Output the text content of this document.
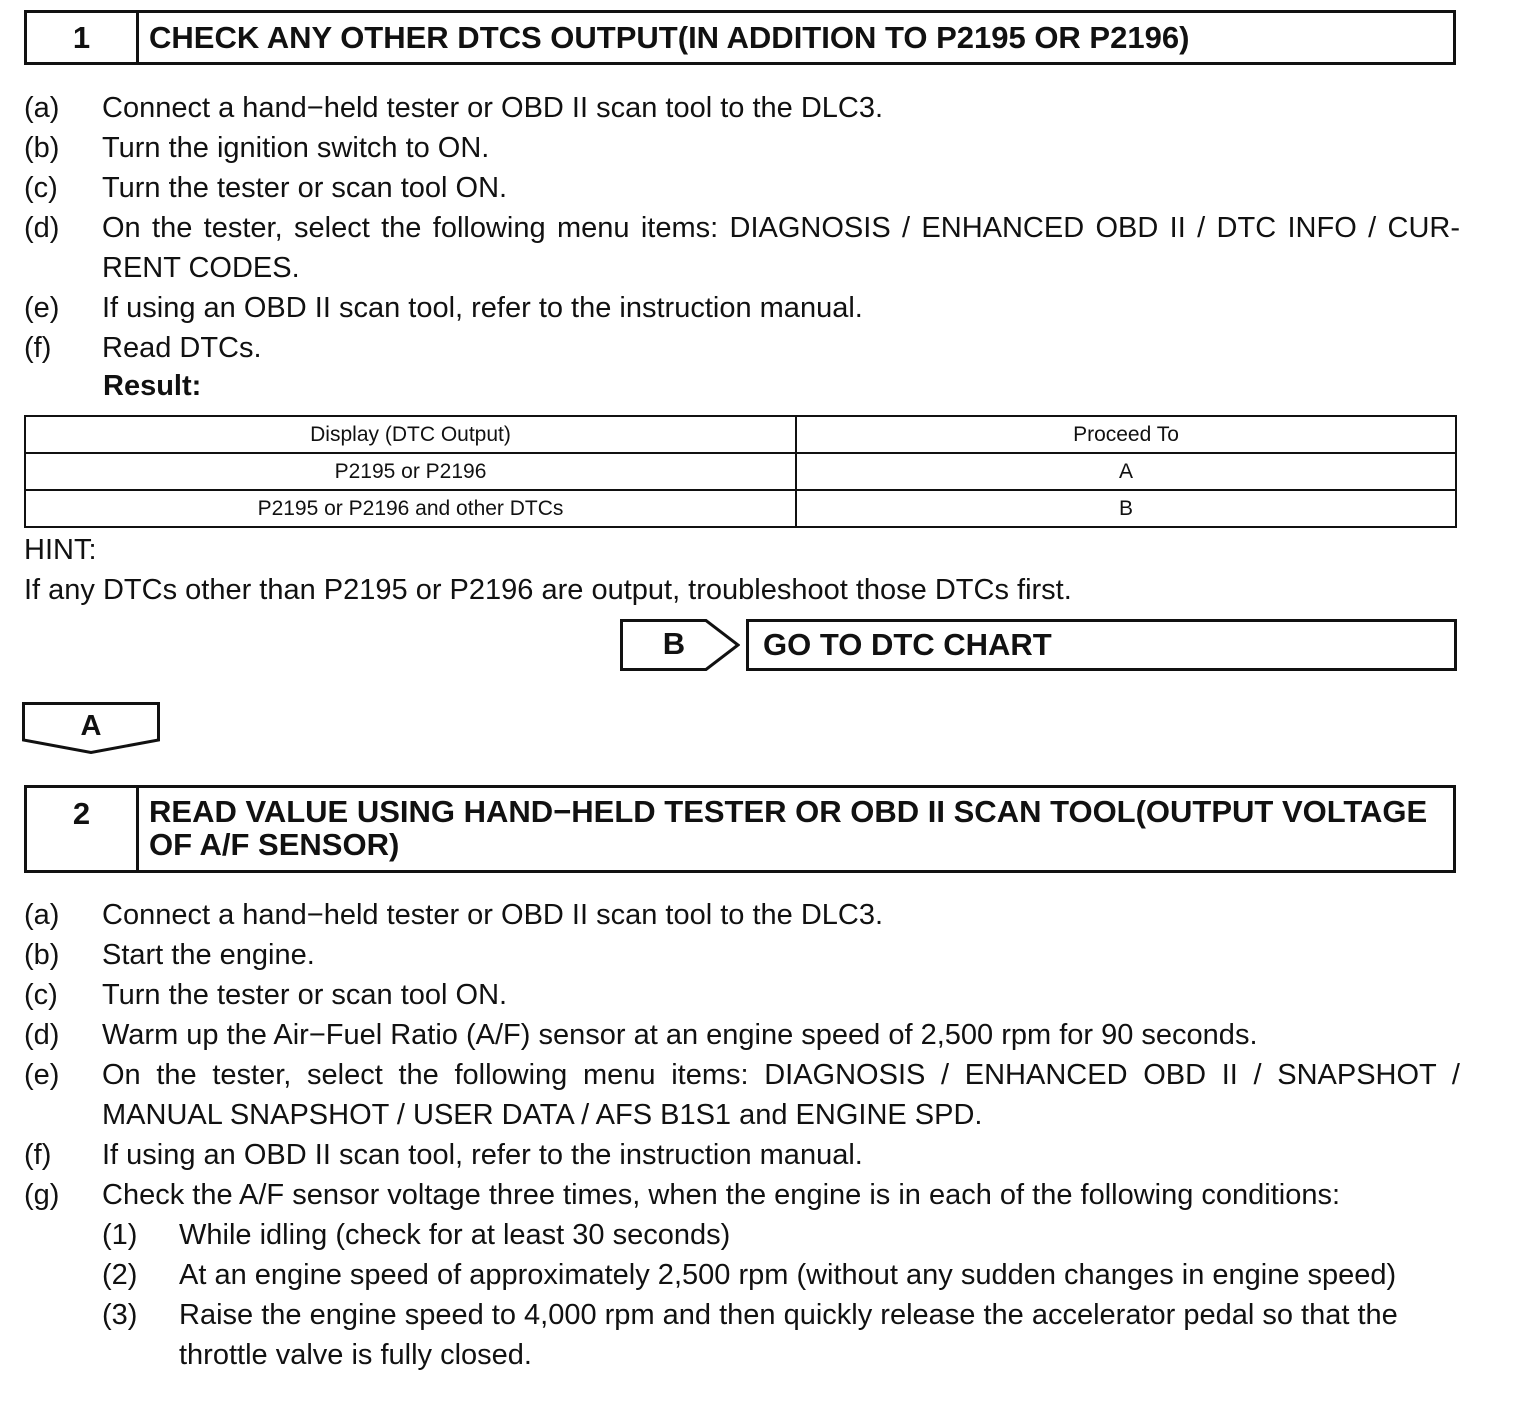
1	CHECK ANY OTHER DTCS OUTPUT(IN ADDITION TO P2195 OR P2196)
(a)	Connect a hand−held tester or OBD II scan tool to the DLC3.
(b)	Turn the ignition switch to ON.
(c)	Turn the tester or scan tool ON.
(d)	On the tester, select the following menu items: DIAGNOSIS / ENHANCED OBD II / DTC INFO / CUR-RENT CODES.
(e)	If using an OBD II scan tool, refer to the instruction manual.
(f)	Read DTCs.
Result:
Display (DTC Output)	Proceed To
P2195 or P2196	A
P2195 or P2196 and other DTCs	B
HINT:
If any DTCs other than P2195 or P2196 are output, troubleshoot those DTCs first.
B	GO TO DTC CHART
A
2	READ VALUE USING HAND−HELD TESTER OR OBD II SCAN TOOL(OUTPUT VOLTAGE OF A/F SENSOR)
(a)	Connect a hand−held tester or OBD II scan tool to the DLC3.
(b)	Start the engine.
(c)	Turn the tester or scan tool ON.
(d)	Warm up the Air−Fuel Ratio (A/F) sensor at an engine speed of 2,500 rpm for 90 seconds.
(e)	On the tester, select the following menu items: DIAGNOSIS / ENHANCED OBD II / SNAPSHOT / MANUAL SNAPSHOT / USER DATA / AFS B1S1 and ENGINE SPD.
(f)	If using an OBD II scan tool, refer to the instruction manual.
(g)	Check the A/F sensor voltage three times, when the engine is in each of the following conditions:
(1)	While idling (check for at least 30 seconds)
(2)	At an engine speed of approximately 2,500 rpm (without any sudden changes in engine speed)
(3)	Raise the engine speed to 4,000 rpm and then quickly release the accelerator pedal so that the throttle valve is fully closed.
